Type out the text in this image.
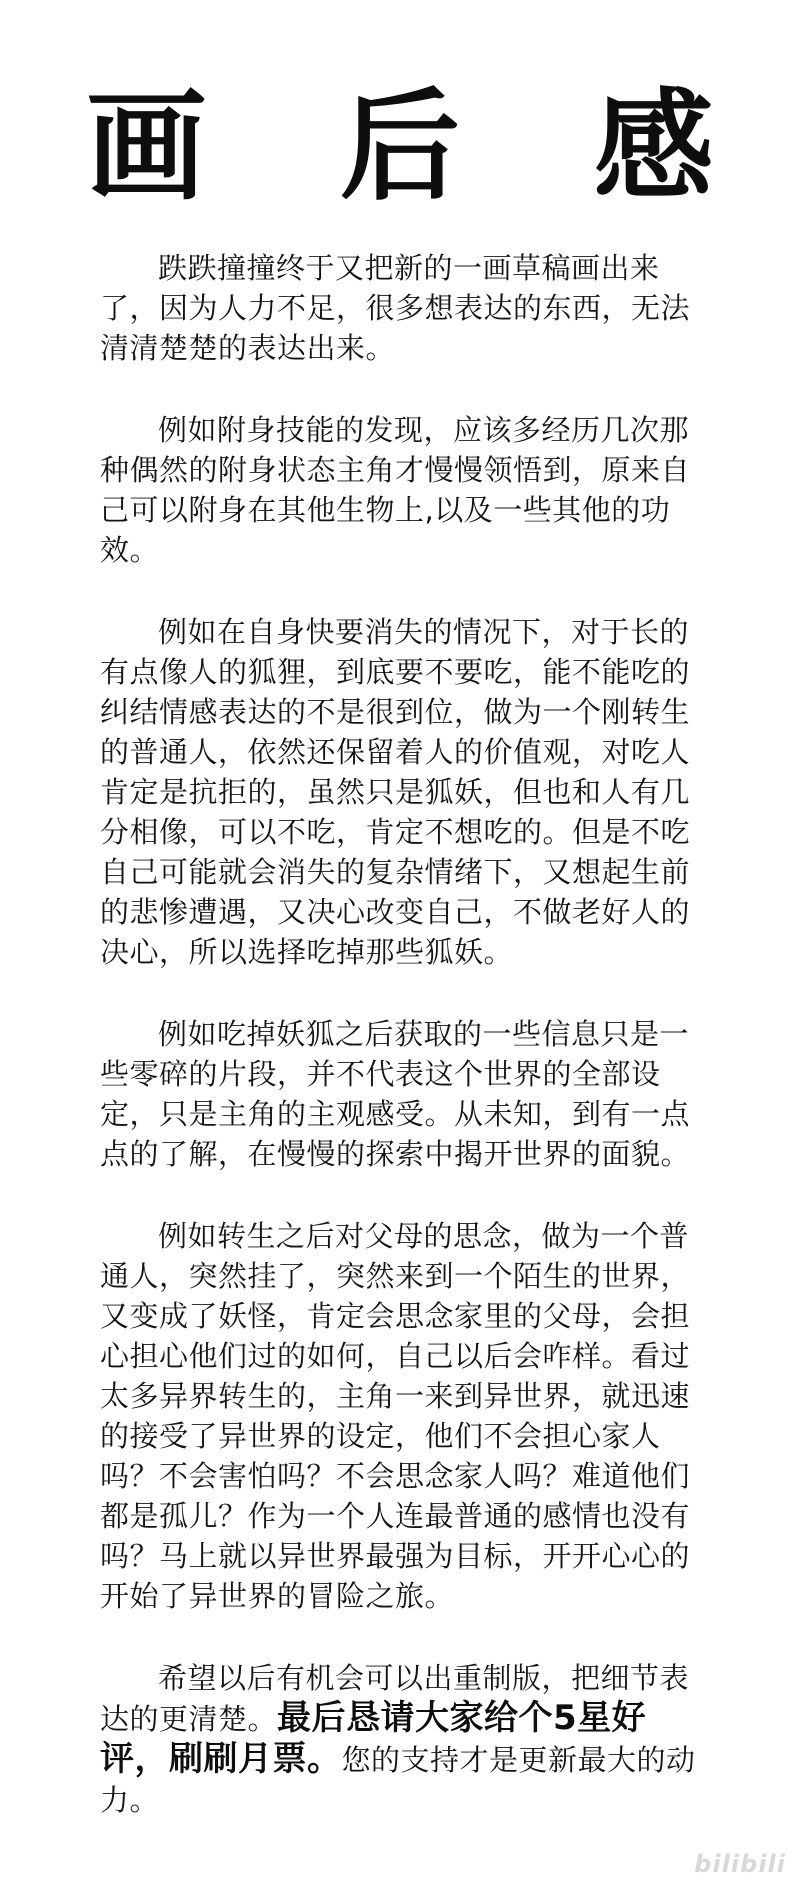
画 后 感

跌跌撞撞终于又把新的一画草稿画出来了，因为人力不足，很多想表达的东西，无法清清楚楚的表达出来。

例如附身技能的发现，应该多经历几次那种偶然的附身状态主角才慢慢领悟到，原来自己可以附身在其他生物上,以及一些其他的功效。

例如在自身快要消失的情况下，对于长的有点像人的狐狸，到底要不要吃，能不能吃的纠结情感表达的不是很到位，做为一个刚转生的普通人，依然还保留着人的价值观，对吃人肯定是抗拒的，虽然只是狐妖，但也和人有几分相像，可以不吃，肯定不想吃的。但是不吃自己可能就会消失的复杂情绪下，又想起生前的悲惨遭遇，又决心改变自己，不做老好人的决心，所以选择吃掉那些狐妖。

例如吃掉妖狐之后获取的一些信息只是一些零碎的片段，并不代表这个世界的全部设定，只是主角的主观感受。从未知，到有一点点的了解，在慢慢的探索中揭开世界的面貌。

例如转生之后对父母的思念，做为一个普通人，突然挂了，突然来到一个陌生的世界，又变成了妖怪，肯定会思念家里的父母，会担心担心他们过的如何，自己以后会咋样。看过太多异界转生的，主角一来到异世界，就迅速的接受了异世界的设定，他们不会担心家人吗？不会害怕吗？不会思念家人吗？难道他们都是孤儿？作为一个人连最普通的感情也没有吗？马上就以异世界最强为目标，开开心心的开始了异世界的冒险之旅。

希望以后有机会可以出重制版，把细节表达的更清楚。最后恳请大家给个5星好评，刷刷月票。您的支持才是更新最大的动力。

bilibili
